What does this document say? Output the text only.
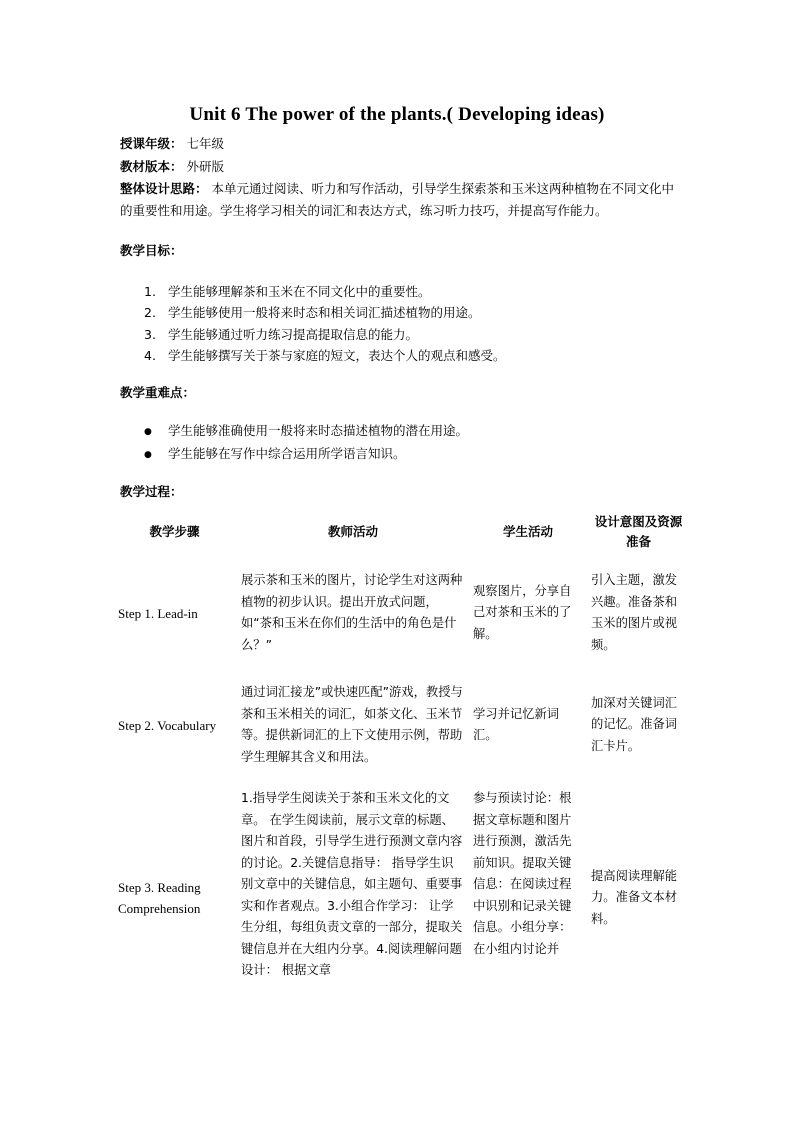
Unit 6 The power of the plants.( Developing ideas)
授课年级： 七年级
教材版本： 外研版
整体设计思路： 本单元通过阅读、听力和写作活动，引导学生探索茶和玉米这两种植物在不同文化中的重要性和用途。学生将学习相关的词汇和表达方式，练习听力技巧，并提高写作能力。
教学目标：
1. 学生能够理解茶和玉米在不同文化中的重要性。
2. 学生能够使用一般将来时态和相关词汇描述植物的用途。
3. 学生能够通过听力练习提高提取信息的能力。
4. 学生能够撰写关于茶与家庭的短文，表达个人的观点和感受。
教学重难点：
● 学生能够准确使用一般将来时态描述植物的潜在用途。
● 学生能够在写作中综合运用所学语言知识。
教学过程：
教学步骤	教师活动	学生活动	设计意图及资源准备
Step 1. Lead-in	展示茶和玉米的图片，讨论学生对这两种植物的初步认识。提出开放式问题，如“茶和玉米在你们的生活中的角色是什么？”	观察图片，分享自己对茶和玉米的了解。	引入主题，激发兴趣。准备茶和玉米的图片或视频。
Step 2. Vocabulary	通过词汇接龙”或快速匹配”游戏，教授与茶和玉米相关的词汇，如茶文化、玉米节等。提供新词汇的上下文使用示例，帮助学生理解其含义和用法。	学习并记忆新词汇。	加深对关键词汇的记忆。准备词汇卡片。
Step 3. Reading Comprehension	1.指导学生阅读关于茶和玉米文化的文章。 在学生阅读前，展示文章的标题、图片和首段，引导学生进行预测文章内容的讨论。2.关键信息指导： 指导学生识别文章中的关键信息，如主题句、重要事实和作者观点。3.小组合作学习： 让学生分组，每组负责文章的一部分，提取关键信息并在大组内分享。4.阅读理解问题设计： 根据文章	参与预读讨论：根据文章标题和图片进行预测，激活先前知识。提取关键信息：在阅读过程中识别和记录关键信息。小组分享： 在小组内讨论并	提高阅读理解能力。准备文本材料。
